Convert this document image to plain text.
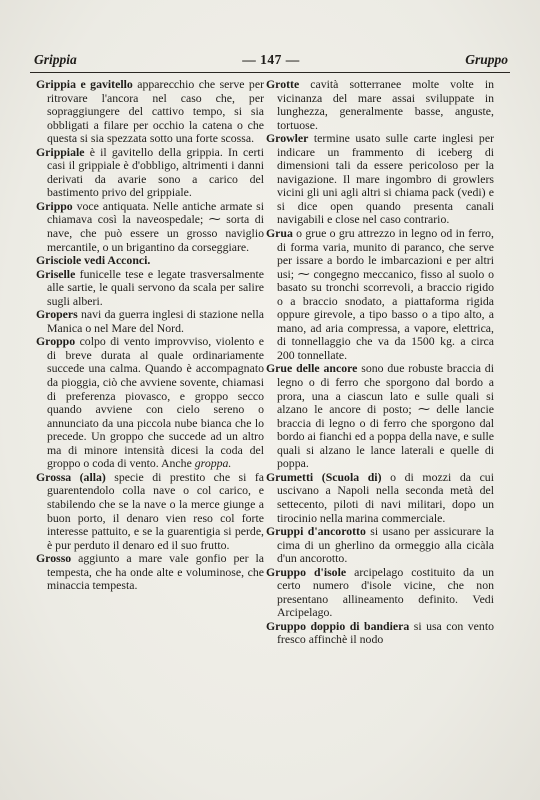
— 147 —
Grippia	Gruppo

Grippia e gavitello apparecchio che serve per ritrovare l'ancora nel caso che, per sopraggiungere del cattivo tempo, si sia obbligati a filare per occhio la catena o che questa si sia spezzata sotto una forte scossa.

Grippiale è il gavitello della grippia. In certi casi il grippiale è d'obbligo, altrimenti i danni derivati da avarie sono a carico del bastimento privo del grippiale.

Grippo voce antiquata. Nelle antiche armate si chiamava così la naveospedale; ⁓ sorta di nave, che può essere un grosso naviglio mercantile, o un brigantino da corseggiare.

Grisciole vedi Acconci.

Griselle funicelle tese e legate trasversalmente alle sartie, le quali servono da scala per salire sugli alberi.

Gropers navi da guerra inglesi di stazione nella Manica o nel Mare del Nord.

Groppo colpo di vento improvviso, violento e di breve durata al quale ordinariamente succede una calma. Quando è accompagnato da pioggia, ciò che avviene sovente, chiamasi di preferenza piovasco, e groppo secco quando avviene con cielo sereno o annunciato da una piccola nube bianca che lo precede. Un groppo che succede ad un altro ma di minore intensità dicesi la coda del groppo o coda di vento. Anche groppa.

Grossa (alla) specie di prestito che si fa guarentendolo colla nave o col carico, e stabilendo che se la nave o la merce giunge a buon porto, il denaro vien reso col forte interesse pattuito, e se la guarentigia si perde, è pur perduto il denaro ed il suo frutto.

Grosso aggiunto a mare vale gonfio per la tempesta, che ha onde alte e voluminose, che minaccia tempesta.

Grotte cavità sotterranee molte volte in vicinanza del mare assai sviluppate in lunghezza, generalmente basse, anguste, tortuose.

Growler termine usato sulle carte inglesi per indicare un frammento di iceberg di dimensioni tali da essere pericoloso per la navigazione. Il mare ingombro di growlers vicini gli uni agli altri si chiama pack (vedi) e si dice open quando presenta canali navigabili e close nel caso contrario.

Grua o grue o gru attrezzo in legno od in ferro, di forma varia, munito di paranco, che serve per issare a bordo le imbarcazioni e per altri usi; ⁓ congegno meccanico, fisso al suolo o basato su tronchi scorrevoli, a braccio rigido o a braccio snodato, a piattaforma rigida oppure girevole, a tipo basso o a tipo alto, a mano, ad aria compressa, a vapore, elettrica, di tonnellaggio che va da 1500 kg. a circa 200 tonnellate.

Grue delle ancore sono due robuste braccia di legno o di ferro che sporgono dal bordo a prora, una a ciascun lato e sulle quali si alzano le ancore di posto; ⁓ delle lancie braccia di legno o di ferro che sporgono dal bordo ai fianchi ed a poppa della nave, e sulle quali si alzano le lance laterali e quelle di poppa.

Grumetti (Scuola di) o di mozzi da cui uscivano a Napoli nella seconda metà del settecento, piloti di navi militari, dopo un tirocinio nella marina commerciale.

Gruppi d'ancorotto si usano per assicurare la cima di un gherlino da ormeggio alla cicàla d'un ancorotto.

Gruppo d'isole arcipelago costituito da un certo numero d'isole vicine, che non presentano allineamento definito. Vedi Arcipelago.

Gruppo doppio di bandiera si usa con vento fresco affinchè il nodo
